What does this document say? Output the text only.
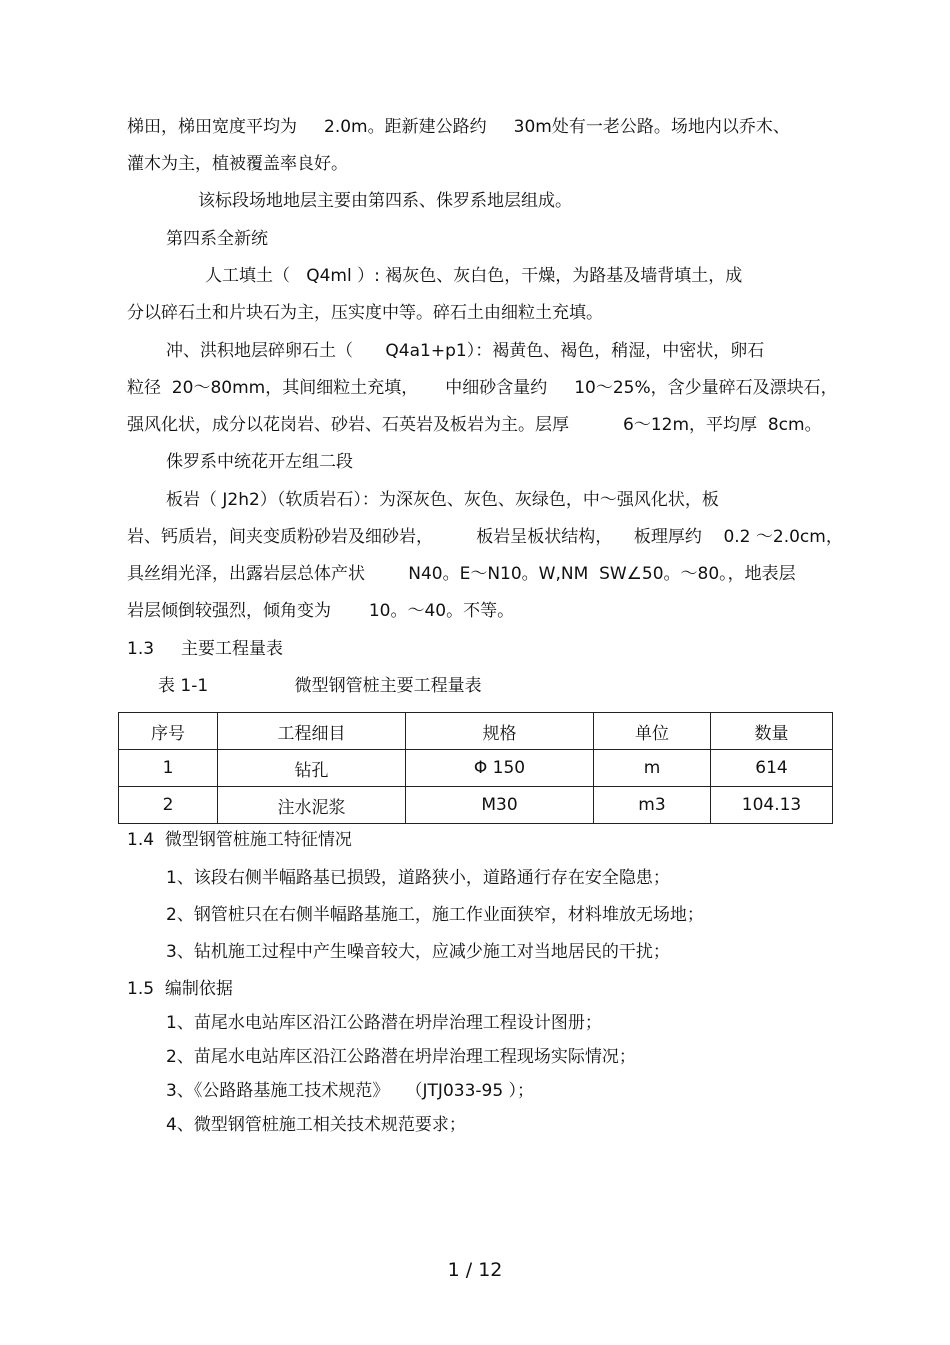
梯田，梯田宽度平均为     2.0m。距新建公路约     30m处有一老公路。场地内以乔木、
灌木为主，植被覆盖率良好。
该标段场地地层主要由第四系、侏罗系地层组成。
第四系全新统
人工填土（   Q4ml ）: 褐灰色、灰白色，干燥，为路基及墙背填土，成
分以碎石土和片块石为主，压实度中等。碎石土由细粒土充填。
冲、洪积地层碎卵石土（      Q4a1+p1）：褐黄色、褐色，稍湿，中密状，卵石
粒径  20～80mm，其间细粒土充填，     中细砂含量约     10～25%，含少量碎石及漂块石，
强风化状，成分以花岗岩、砂岩、石英岩及板岩为主。层厚          6～12m，平均厚  8cm。
侏罗系中统花开左组二段
板岩（ J2h2）（软质岩石）：为深灰色、灰色、灰绿色，中～强风化状，板
岩、钙质岩，间夹变质粉砂岩及细砂岩，        板岩呈板状结构，    板理厚约    0.2 ～2.0cm，
具丝绢光泽，出露岩层总体产状        N40。E～N10。W,NM  SW∠50。～80。，地表层
岩层倾倒较强烈，倾角变为       10。～40。不等。
1.3     主要工程量表
表 1-1                微型钢管桩主要工程量表
序号	工程细目	规格	单位	数量
1	钻孔	Φ 150	m	614
2	注水泥浆	M30	m3	104.13
1.4  微型钢管桩施工特征情况
1、该段右侧半幅路基已损毁，道路狭小，道路通行存在安全隐患；
2、钢管桩只在右侧半幅路基施工，施工作业面狭窄，材料堆放无场地；
3、钻机施工过程中产生噪音较大，应减少施工对当地居民的干扰；
1.5  编制依据
1、苗尾水电站库区沿江公路潜在坍岸治理工程设计图册；
2、苗尾水电站库区沿江公路潜在坍岸治理工程现场实际情况；
3、《公路路基施工技术规范》   （JTJ033-95 ）；
4、微型钢管桩施工相关技术规范要求；
1 / 12
